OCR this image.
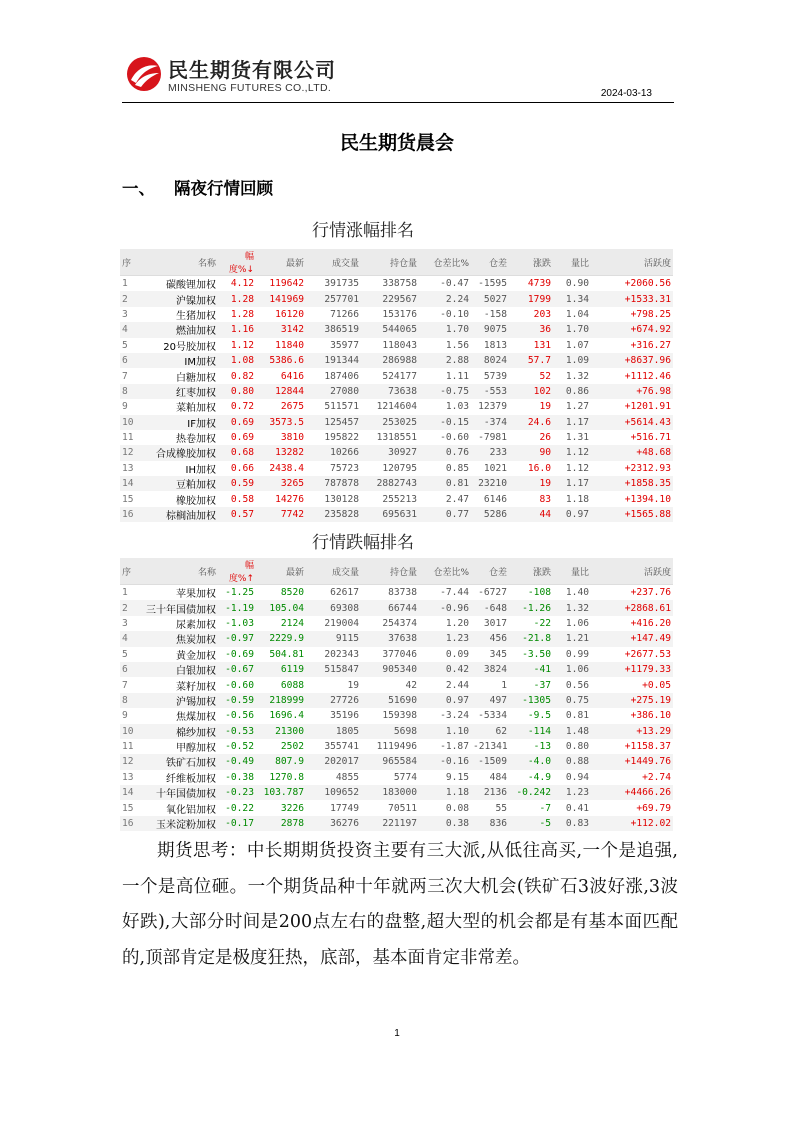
民生期货有限公司
MINSHENG FUTURES CO.,LTD.	2024-03-13
民生期货晨会
一、 隔夜行情回顾
行情涨幅排名
序	名称	幅度%↓	最新	成交量	持仓量	仓差比%	仓差	涨跌	量比	活跃度
1	碳酸锂加权	4.12	119642	391735	338758	-0.47	-1595	4739	0.90	+2060.56
2	沪镍加权	1.28	141969	257701	229567	2.24	5027	1799	1.34	+1533.31
3	生猪加权	1.28	16120	71266	153176	-0.10	-158	203	1.04	+798.25
4	燃油加权	1.16	3142	386519	544065	1.70	9075	36	1.70	+674.92
5	20号胶加权	1.12	11840	35977	118043	1.56	1813	131	1.07	+316.27
6	IM加权	1.08	5386.6	191344	286988	2.88	8024	57.7	1.09	+8637.96
7	白糖加权	0.82	6416	187406	524177	1.11	5739	52	1.32	+1112.46
8	红枣加权	0.80	12844	27080	73638	-0.75	-553	102	0.86	+76.98
9	菜粕加权	0.72	2675	511571	1214604	1.03	12379	19	1.27	+1201.91
10	IF加权	0.69	3573.5	125457	253025	-0.15	-374	24.6	1.17	+5614.43
11	热卷加权	0.69	3810	195822	1318551	-0.60	-7981	26	1.31	+516.71
12	合成橡胶加权	0.68	13282	10266	30927	0.76	233	90	1.12	+48.68
13	IH加权	0.66	2438.4	75723	120795	0.85	1021	16.0	1.12	+2312.93
14	豆粕加权	0.59	3265	787878	2882743	0.81	23210	19	1.17	+1858.35
15	橡胶加权	0.58	14276	130128	255213	2.47	6146	83	1.18	+1394.10
16	棕榈油加权	0.57	7742	235828	695631	0.77	5286	44	0.97	+1565.88
行情跌幅排名
序	名称	幅度%↑	最新	成交量	持仓量	仓差比%	仓差	涨跌	量比	活跃度
1	苹果加权	-1.25	8520	62617	83738	-7.44	-6727	-108	1.40	+237.76
2	三十年国债加权	-1.19	105.04	69308	66744	-0.96	-648	-1.26	1.32	+2868.61
3	尿素加权	-1.03	2124	219004	254374	1.20	3017	-22	1.06	+416.20
4	焦炭加权	-0.97	2229.9	9115	37638	1.23	456	-21.8	1.21	+147.49
5	黄金加权	-0.69	504.81	202343	377046	0.09	345	-3.50	0.99	+2677.53
6	白银加权	-0.67	6119	515847	905340	0.42	3824	-41	1.06	+1179.33
7	菜籽加权	-0.60	6088	19	42	2.44	1	-37	0.56	+0.05
8	沪锡加权	-0.59	218999	27726	51690	0.97	497	-1305	0.75	+275.19
9	焦煤加权	-0.56	1696.4	35196	159398	-3.24	-5334	-9.5	0.81	+386.10
10	棉纱加权	-0.53	21300	1805	5698	1.10	62	-114	1.48	+13.29
11	甲醇加权	-0.52	2502	355741	1119496	-1.87	-21341	-13	0.80	+1158.37
12	铁矿石加权	-0.49	807.9	202017	965584	-0.16	-1509	-4.0	0.88	+1449.76
13	纤维板加权	-0.38	1270.8	4855	5774	9.15	484	-4.9	0.94	+2.74
14	十年国债加权	-0.23	103.787	109652	183000	1.18	2136	-0.242	1.23	+4466.26
15	氧化铝加权	-0.22	3226	17749	70511	0.08	55	-7	0.41	+69.79
16	玉米淀粉加权	-0.17	2878	36276	221197	0.38	836	-5	0.83	+112.02
期货思考：中长期期货投资主要有三大派,从低往高买,一个是追强,一个是高位砸。一个期货品种十年就两三次大机会(铁矿石3波好涨,3波好跌),大部分时间是200点左右的盘整,超大型的机会都是有基本面匹配的,顶部肯定是极度狂热，底部，基本面肯定非常差。
1
